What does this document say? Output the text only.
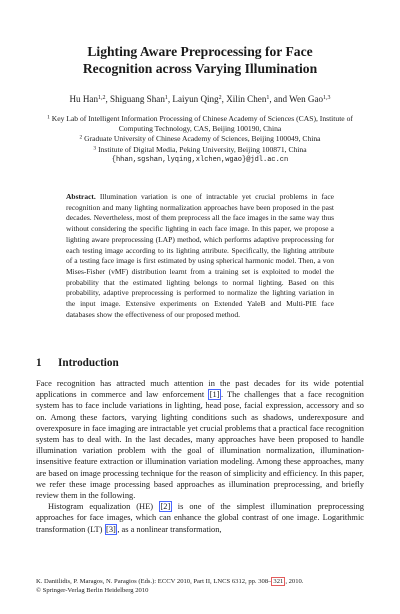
Lighting Aware Preprocessing for Face
Recognition across Varying Illumination
Hu Han$^{1,2}$, Shiguang Shan$^1$, Laiyun Qing$^2$, Xilin Chen$^1$, and Wen Gao$^{1,3}$
$^1$ Key Lab of Intelligent Information Processing of Chinese Academy of Sciences (CAS), Institute of Computing Technology, CAS, Beijing 100190, China
$^2$ Graduate University of Chinese Academy of Sciences, Beijing 100049, China
$^3$ Institute of Digital Media, Peking University, Beijing 100871, China
{hhan,sgshan,lyqing,xlchen,wgao}@jdl.ac.cn

Abstract. Illumination variation is one of intractable yet crucial problems in face recognition and many lighting normalization approaches have been proposed in the past decades. Nevertheless, most of them preprocess all the face images in the same way thus without considering the specific lighting in each face image. In this paper, we propose a lighting aware preprocessing (LAP) method, which performs adaptive preprocessing for each testing image according to its lighting attribute. Specifically, the lighting attribute of a testing face image is first estimated by using spherical harmonic model. Then, a von Mises-Fisher (vMF) distribution learnt from a training set is exploited to model the probability that the estimated lighting belongs to normal lighting. Based on this probability, adaptive preprocessing is performed to normalize the lighting variation in the input image. Extensive experiments on Extended YaleB and Multi-PIE face databases show the effectiveness of our proposed method.

1 Introduction

Face recognition has attracted much attention in the past decades for its wide potential applications in commerce and law enforcement [1] . The challenges that a face recognition system has to face include variations in lighting, head pose, facial expression, accessory and so on. Among these factors, varying lighting conditions such as shadows, underexposure and overexposure in face imaging are intractable yet crucial problems that a practical face recognition system has to deal with. In the last decades, many approaches have been proposed to handle illumination variation problem with the goal of illumination normalization, illumination-insensitive feature extraction or illumination variation modeling. Among these approaches, many are based on image processing technique for the reason of simplicity and efficiency. In this paper, we refer these image processing based approaches as illumination preprocessing, and briefly review them in the following.

Histogram equalization (HE) [2] is one of the simplest illumination preprocessing approaches for face images, which can enhance the global contrast of one image. Logarithmic transformation (LT) [3] , as a nonlinear transformation,

K. Daniilidis, P. Maragos, N. Paragios (Eds.): ECCV 2010, Part II, LNCS 6312, pp. 308– 321 , 2010.
© Springer-Verlag Berlin Heidelberg 2010
